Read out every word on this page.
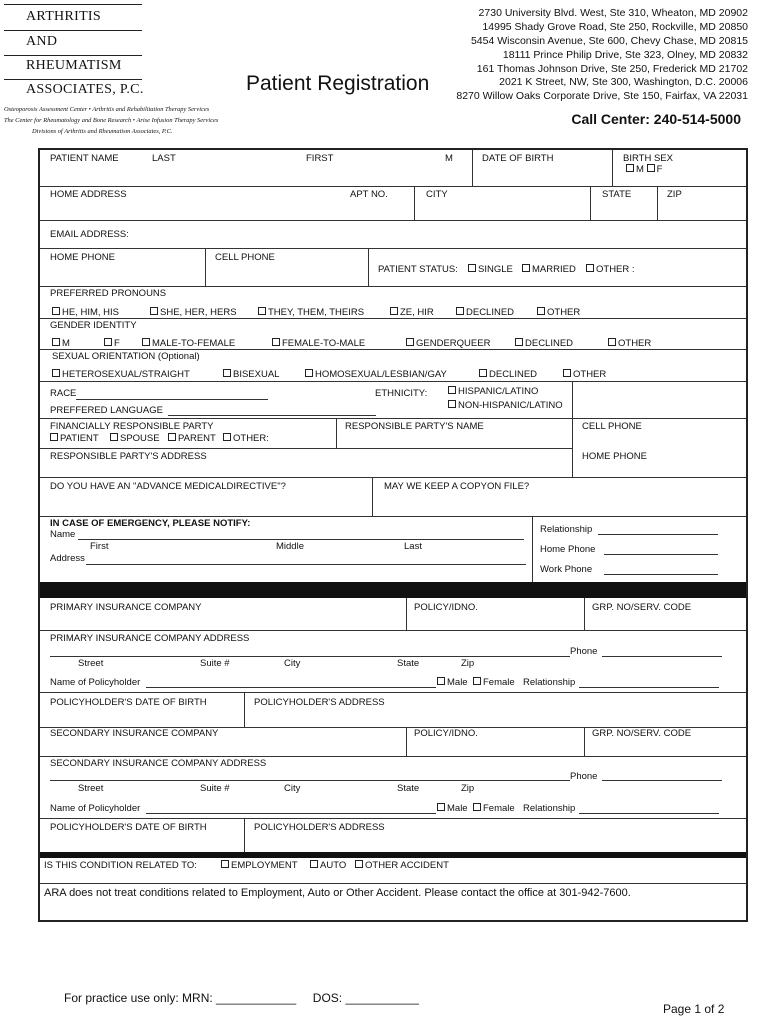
ARTHRITIS
AND
RHEUMATISM
ASSOCIATES, P.C.
Osteoporosis Assessment Center • Arthritis and Rehabilitation Therapy Services
The Center for Rheumatology and Bone Research • Arise Infusion Therapy Services
Divisions of Arthritis and Rheumatism Associates, P.C.
Patient Registration
2730 University Blvd. West, Ste 310, Wheaton, MD 20902
14995 Shady Grove Road, Ste 250, Rockville, MD 20850
5454 Wisconsin Avenue, Ste 600, Chevy Chase, MD 20815
18111 Prince Philip Drive, Ste 323, Olney, MD 20832
161 Thomas Johnson Drive, Ste 250, Frederick MD 21702
2021 K Street, NW, Ste 300, Washington, D.C. 20006
8270 Willow Oaks Corporate Drive, Ste 150, Fairfax, VA 22031
Call Center: 240-514-5000
PATIENT NAME	LAST	FIRST	M	DATE OF BIRTH	BIRTH SEX
M F
HOME ADDRESS	APT NO.	CITY	STATE	ZIP
EMAIL ADDRESS:
HOME PHONE	CELL PHONE
PATIENT STATUS:	SINGLE	MARRIED	OTHER :
PREFERRED PRONOUNS
HE, HIM, HIS	SHE, HER, HERS	THEY, THEM, THEIRS	ZE, HIR	DECLINED	OTHER
GENDER IDENTITY
M	F	MALE-TO-FEMALE	FEMALE-TO-MALE	GENDERQUEER	DECLINED	OTHER
SEXUAL ORIENTATION (Optional)
HETEROSEXUAL/STRAIGHT	BISEXUAL	HOMOSEXUAL/LESBIAN/GAY	DECLINED	OTHER
RACE	ETHNICITY:	HISPANIC/LATINO
NON-HISPANIC/LATINO
PREFFERED LANGUAGE
FINANCIALLY RESPONSIBLE PARTY
PATIENT	SPOUSE	PARENT	OTHER:
RESPONSIBLE PARTY'S NAME	CELL PHONE
RESPONSIBLE PARTY'S ADDRESS	HOME PHONE
DO YOU HAVE AN "ADVANCE MEDICALDIRECTIVE"?	MAY WE KEEP A COPYON FILE?
IN CASE OF EMERGENCY, PLEASE NOTIFY:
Name
First	Middle	Last
Address
Relationship
Home Phone
Work Phone
PRIMARY INSURANCE COMPANY	POLICY/IDNO.	GRP. NO/SERV. CODE
PRIMARY INSURANCE COMPANY ADDRESS
Phone
Street	Suite #	City	State	Zip
Name of Policyholder	Male	Female Relationship
POLICYHOLDER'S DATE OF BIRTH	POLICYHOLDER'S ADDRESS
SECONDARY INSURANCE COMPANY	POLICY/IDNO.	GRP. NO/SERV. CODE
SECONDARY INSURANCE COMPANY ADDRESS
Phone
Street	Suite #	City	State	Zip
Name of Policyholder	Male	Female Relationship
POLICYHOLDER'S DATE OF BIRTH	POLICYHOLDER'S ADDRESS
IS THIS CONDITION RELATED TO:	EMPLOYMENT	AUTO	OTHER ACCIDENT
ARA does not treat conditions related to Employment, Auto or Other Accident. Please contact the office at 301-942-7600.
For practice use only: MRN: ____________     DOS: ___________
Page 1 of 2
